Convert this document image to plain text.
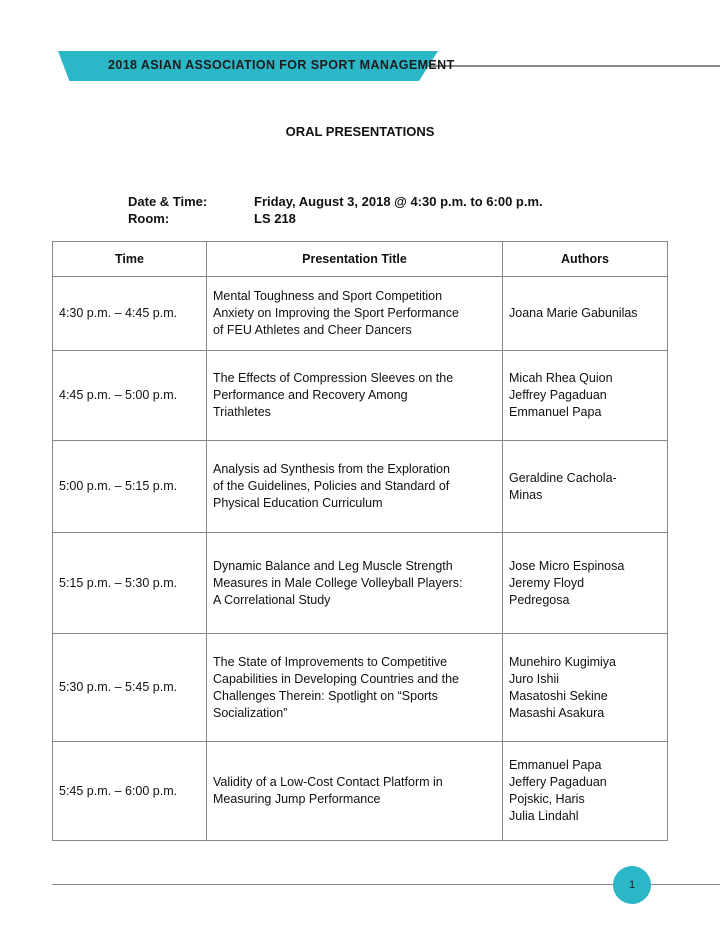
2018 ASIAN ASSOCIATION FOR SPORT MANAGEMENT
ORAL PRESENTATIONS
Date & Time:	Friday, August 3, 2018 @ 4:30 p.m. to 6:00 p.m.
Room:	LS 218
Time	Presentation Title	Authors
4:30 p.m. – 4:45 p.m.	Mental Toughness and Sport Competition
Anxiety on Improving the Sport Performance
of FEU Athletes and Cheer Dancers	Joana Marie Gabunilas

4:45 p.m. – 5:00 p.m.	The Effects of Compression Sleeves on the
Performance and Recovery Among
Triathletes	Micah Rhea Quion
Jeffrey Pagaduan
Emmanuel Papa

5:00 p.m. – 5:15 p.m.	Analysis ad Synthesis from the Exploration
of the Guidelines, Policies and Standard of
Physical Education Curriculum	Geraldine Cachola-
Minas

5:15 p.m. – 5:30 p.m.	Dynamic Balance and Leg Muscle Strength
Measures in Male College Volleyball Players:
A Correlational Study	Jose Micro Espinosa
Jeremy Floyd
Pedregosa

5:30 p.m. – 5:45 p.m.	The State of Improvements to Competitive
Capabilities in Developing Countries and the
Challenges Therein: Spotlight on “Sports
Socialization”	Munehiro Kugimiya
Juro Ishii
Masatoshi Sekine
Masashi Asakura

5:45 p.m. – 6:00 p.m.	Validity of a Low-Cost Contact Platform in
Measuring Jump Performance	Emmanuel Papa
Jeffery Pagaduan
Pojskic, Haris
Julia Lindahl
1
